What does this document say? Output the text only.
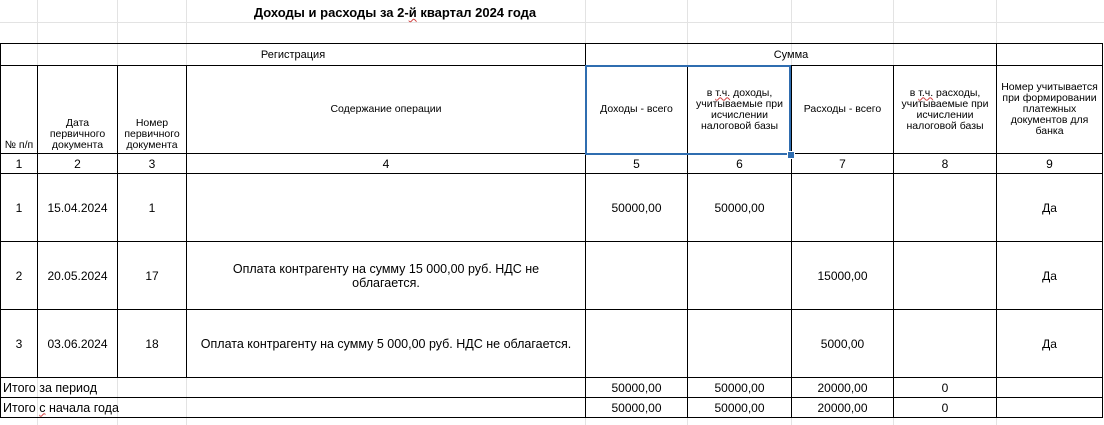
Доходы и расходы за 2-й квартал 2024 года
Регистрация				Сумма				
№ п/п	Дата первичного документа	Номер первичного документа	Содержание операции	Доходы - всего	в т.ч. доходы, учитываемые при исчислении налоговой базы	Расходы - всего	в т.ч. расходы, учитываемые при исчислении налоговой базы	Номер учитывается при формировании платежных документов для банка
1	2	3	4	5	6	7	8	9
1	15.04.2024	1		50000,00	50000,00			Да
2	20.05.2024	17	Оплата контрагенту на сумму 15 000,00 руб. НДС не облагается.			15000,00		Да
3	03.06.2024	18	Оплата контрагенту на сумму 5 000,00 руб. НДС не облагается.			5000,00		Да
Итого за период				50000,00	50000,00	20000,00	0	
Итого с начала года				50000,00	50000,00	20000,00	0	
